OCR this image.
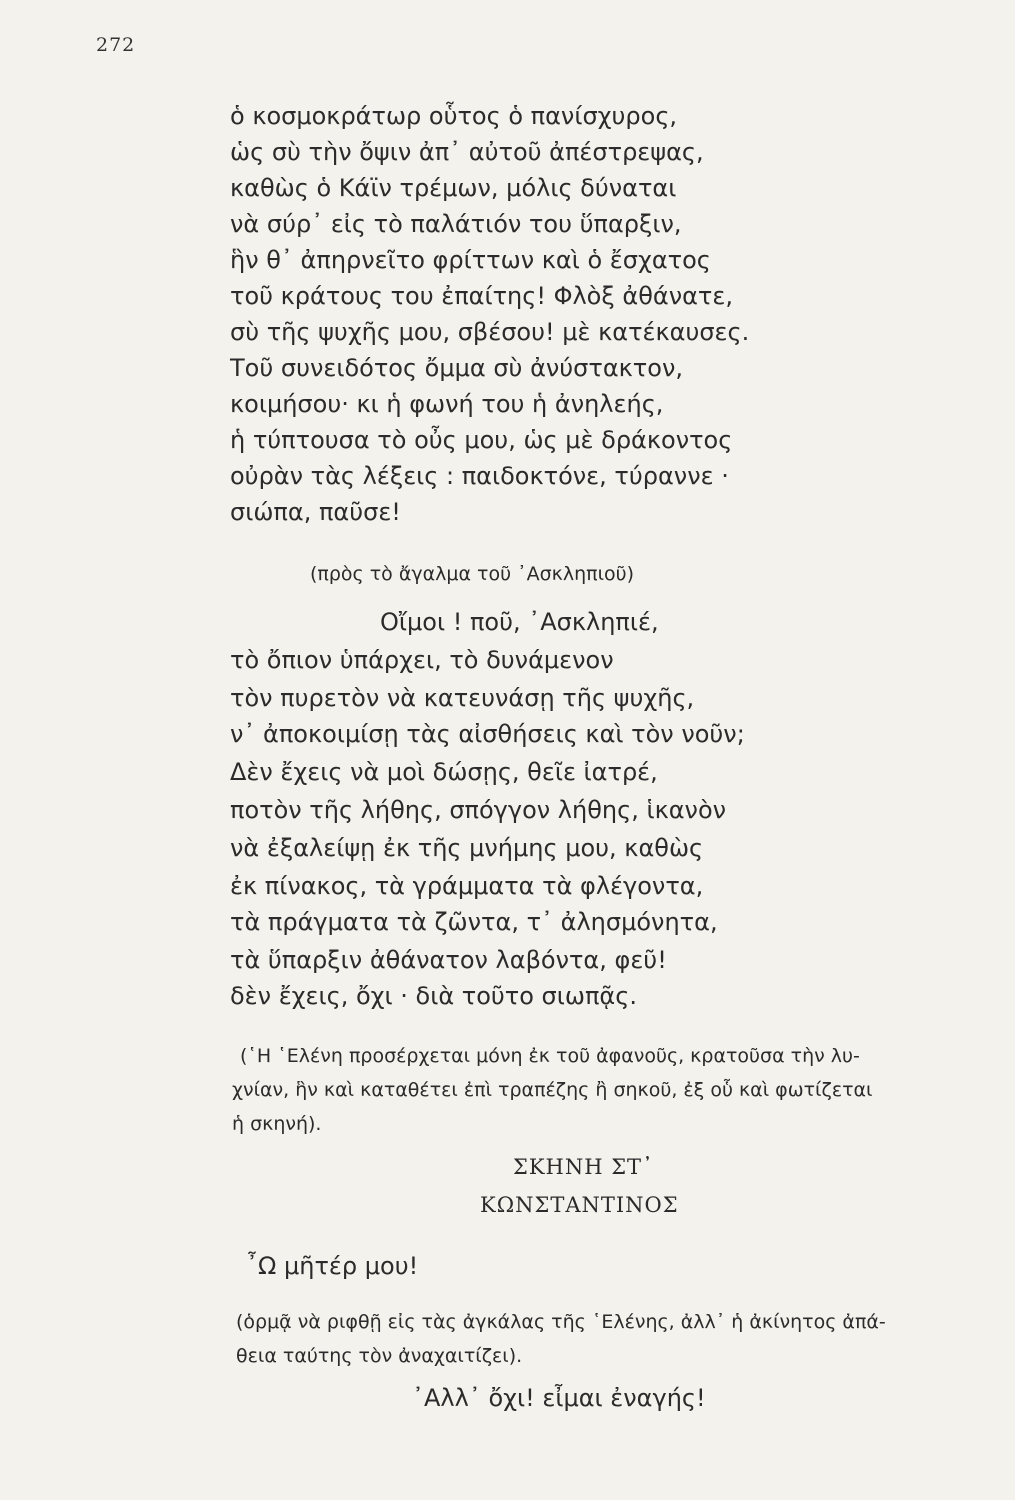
272
ὁ κοσμοκράτωρ οὗτος ὁ πανίσχυρος,
ὡς σὺ τὴν ὄψιν ἀπ᾽ αὐτοῦ ἀπέστρεψας,
καθὼς ὁ Κάϊν τρέμων, μόλις δύναται
νὰ σύρ᾽ εἰς τὸ παλάτιόν του ὕπαρξιν,
ἣν θ᾽ ἀπηρνεῖτο φρίττων καὶ ὁ ἔσχατος
τοῦ κράτους του ἐπαίτης! Φλὸξ ἀθάνατε,
σὺ τῆς ψυχῆς μου, σβέσου! μὲ κατέκαυσες.
Τοῦ συνειδότος ὄμμα σὺ ἀνύστακτον,
κοιμήσου· κι ἡ φωνή του ἡ ἀνηλεής,
ἡ τύπτουσα τὸ οὖς μου, ὡς μὲ δράκοντος
οὐρὰν τὰς λέξεις : παιδοκτόνε, τύραννε ·
σιώπα, παῦσε!
(πρὸς τὸ ἄγαλμα τοῦ ᾽Ασκληπιοῦ)
Οἴμοι ! ποῦ, ᾽Ασκληπιέ,
τὸ ὄπιον ὑπάρχει, τὸ δυνάμενον
τὸν πυρετὸν νὰ κατευνάσῃ τῆς ψυχῆς,
ν᾽ ἀποκοιμίσῃ τὰς αἰσθήσεις καὶ τὸν νοῦν;
Δὲν ἔχεις νὰ μοὶ δώσῃς, θεῖε ἰατρέ,
ποτὸν τῆς λήθης, σπόγγον λήθης, ἱκανὸν
νὰ ἐξαλείψῃ ἐκ τῆς μνήμης μου, καθὼς
ἐκ πίνακος, τὰ γράμματα τὰ φλέγοντα,
τὰ πράγματα τὰ ζῶντα, τ᾽ ἀλησμόνητα,
τὰ ὕπαρξιν ἀθάνατον λαβόντα, φεῦ!
δὲν ἔχεις, ὄχι · διὰ τοῦτο σιωπᾷς.
(῾Η ῾Ελένη προσέρχεται μόνη ἐκ τοῦ ἀφανοῦς, κρατοῦσα τὴν λυ-
χνίαν, ἣν καὶ καταθέτει ἐπὶ τραπέζης ἢ σηκοῦ, ἐξ οὗ καὶ φωτίζεται
ἡ σκηνή).
ΣΚΗΝΗ ΣΤ᾽
ΚΩΝΣΤΑΝΤΙΝΟΣ
῏Ω μῆτέρ μου!
(ὁρμᾷ νὰ ριφθῇ εἰς τὰς ἀγκάλας τῆς ῾Ελένης, ἀλλ᾽ ἡ ἀκίνητος ἀπά-
θεια ταύτης τὸν ἀναχαιτίζει).
᾽Αλλ᾽ ὄχι! εἶμαι ἐναγής!
